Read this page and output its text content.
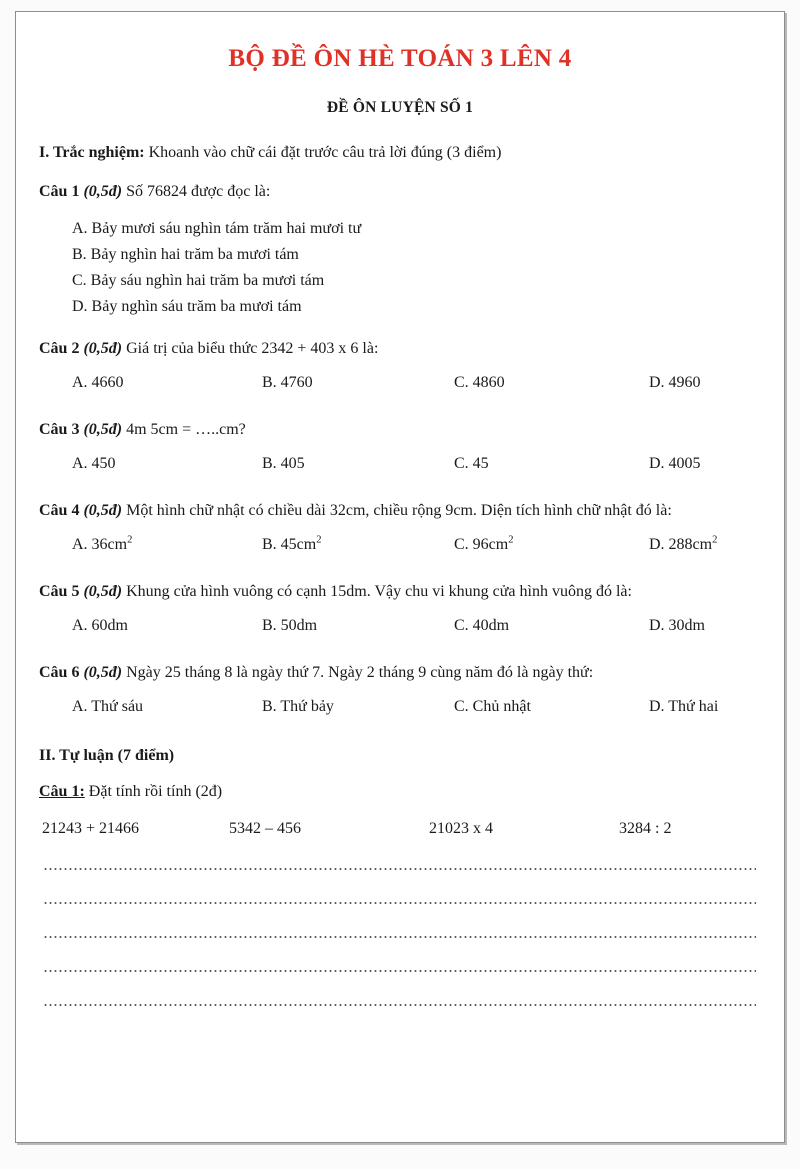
BỘ ĐỀ ÔN HÈ TOÁN 3 LÊN 4
ĐỀ ÔN LUYỆN SỐ 1
I. Trắc nghiệm: Khoanh vào chữ cái đặt trước câu trả lời đúng (3 điểm)
Câu 1 (0,5đ) Số 76824 được đọc là:
A. Bảy mươi sáu nghìn tám trăm hai mươi tư
B. Bảy nghìn hai trăm ba mươi tám
C. Bảy sáu nghìn hai trăm ba mươi tám
D. Bảy nghìn sáu trăm ba mươi tám
Câu 2 (0,5đ) Giá trị của biểu thức 2342 + 403 x 6 là:
A. 4660	B. 4760	C. 4860	D. 4960
Câu 3 (0,5đ) 4m 5cm = …..cm?
A. 450	B. 405	C. 45	D. 4005
Câu 4 (0,5đ) Một hình chữ nhật có chiều dài 32cm, chiều rộng 9cm. Diện tích hình chữ nhật đó là:
A. $36cm^2$	B. $45cm^2$	C. $96cm^2$	D. $288cm^2$
Câu 5 (0,5đ) Khung cửa hình vuông có cạnh 15dm. Vậy chu vi khung cửa hình vuông đó là:
A. 60dm	B. 50dm	C. 40dm	D. 30dm
Câu 6 (0,5đ) Ngày 25 tháng 8 là ngày thứ 7. Ngày 2 tháng 9 cùng năm đó là ngày thứ:
A. Thứ sáu	B. Thứ bảy	C. Chủ nhật	D. Thứ hai
II. Tự luận (7 điểm)
Câu 1: Đặt tính rồi tính (2đ)
21243 + 21466	5342 – 456	21023 x 4	3284 : 2
